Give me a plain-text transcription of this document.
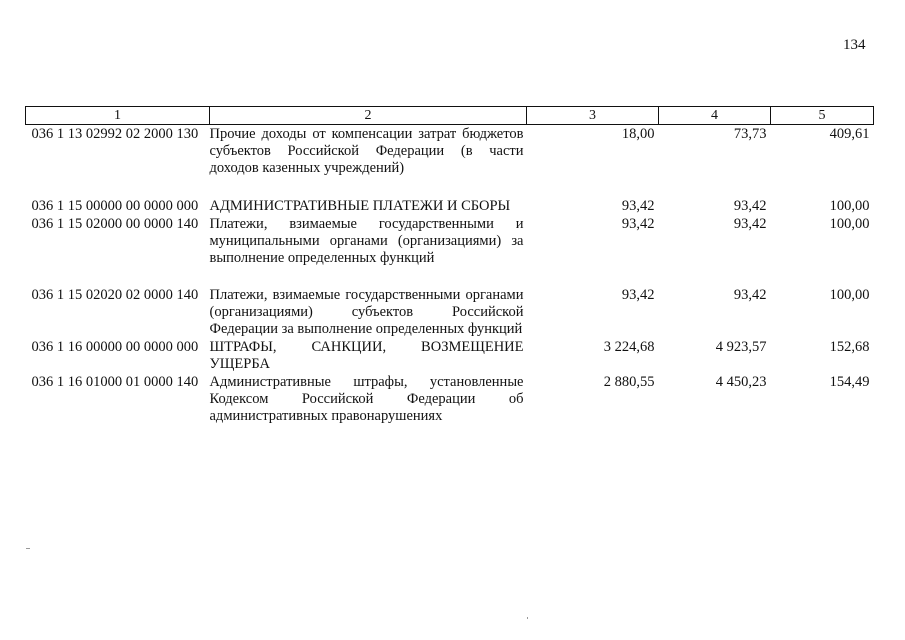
134
1	2	3	4	5
036 1 13 02992 02 2000 130	Прочие доходы от компенсации затрат бюджетов субъектов Российской Федерации (в части доходов казенных учреждений)	18,00	73,73	409,61
036 1 15 00000 00 0000 000	АДМИНИСТРАТИВНЫЕ ПЛАТЕЖИ И СБОРЫ	93,42	93,42	100,00
036 1 15 02000 00 0000 140	Платежи, взимаемые государственными и муниципальными органами (организациями) за выполнение определенных функций	93,42	93,42	100,00
036 1 15 02020 02 0000 140	Платежи, взимаемые государственными органами (организациями) субъектов Российской Федерации за выполнение определенных функций	93,42	93,42	100,00
036 1 16 00000 00 0000 000	ШТРАФЫ, САНКЦИИ, ВОЗМЕЩЕНИЕ УЩЕРБА	3 224,68	4 923,57	152,68
036 1 16 01000 01 0000 140	Административные штрафы, установленные Кодексом Российской Федерации об административных правонарушениях	2 880,55	4 450,23	154,49
